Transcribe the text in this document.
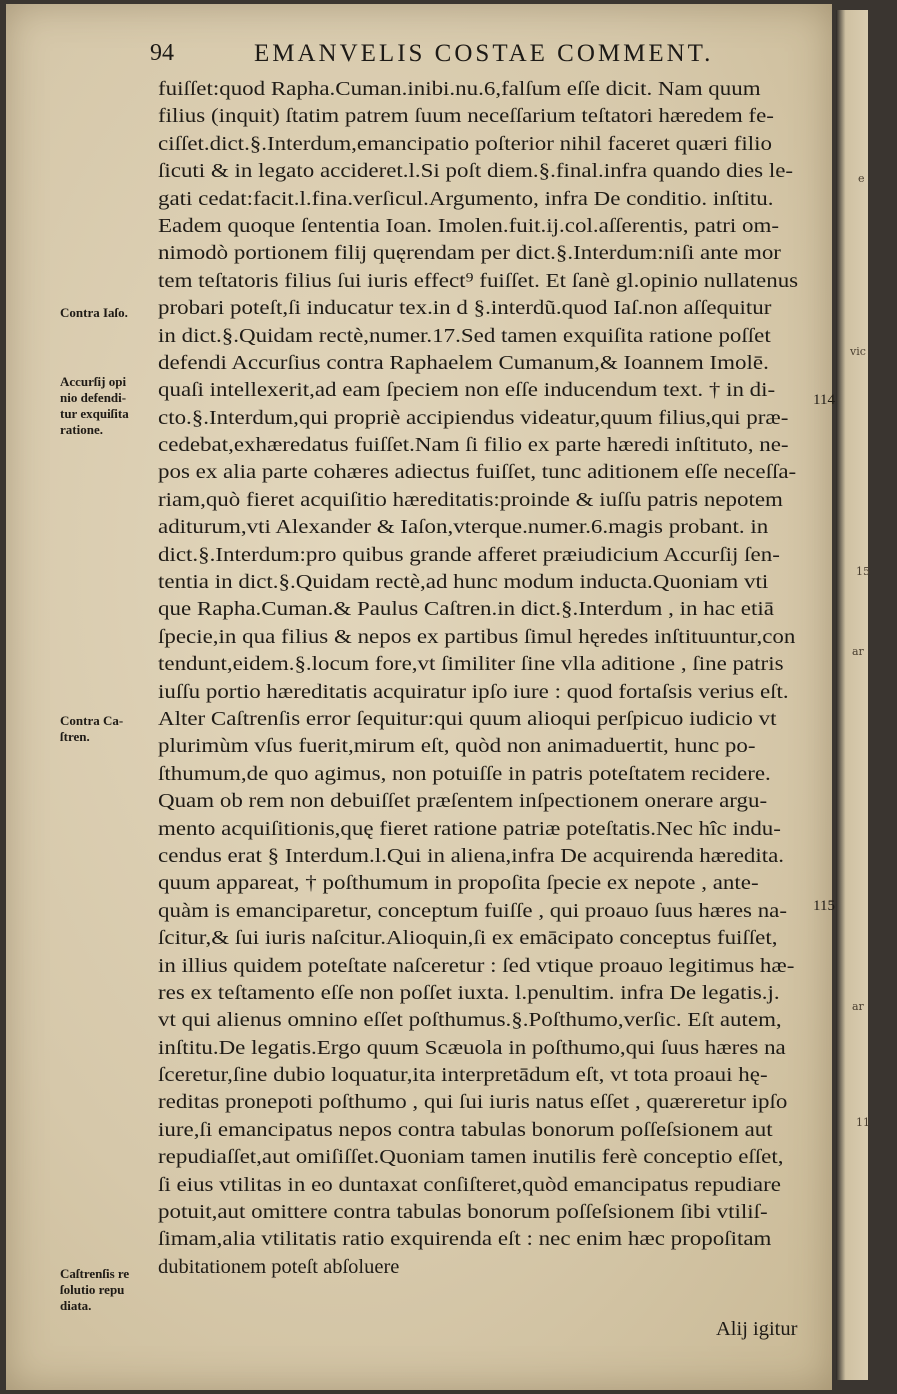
e
vic
15
ar
ar
11
94	EMANVELIS COSTAE COMMENT.
fuiſſet:quod Rapha.Cuman.inibi.nu.6,falſum eſſe dicit. Nam quum
filius (inquit) ſtatim patrem ſuum neceſſarium teſtatori hæredem fe-
ciſſet.dict.§.Interdum,emancipatio poſterior nihil faceret quæri filio
ſicuti & in legato accideret.l.Si poſt diem.§.final.infra quando dies le-
gati cedat:facit.l.fina.verſicul.Argumento, infra De conditio. inſtitu.
Eadem quoque ſententia Ioan. Imolen.fuit.ij.col.aſſerentis, patri om-
nimodò portionem filij quęrendam per dict.§.Interdum:niſi ante mor
tem teſtatoris filius ſui iuris effect⁹ fuiſſet. Et ſanè gl.opinio nullatenus
probari poteſt,ſi inducatur tex.in d §.interdũ.quod Iaſ.non aſſequitur
in dict.§.Quidam rectè,numer.17.Sed tamen exquiſita ratione poſſet
defendi Accurſius contra Raphaelem Cumanum,& Ioannem Imolē.
quaſi intellexerit,ad eam ſpeciem non eſſe inducendum text. † in di-
cto.§.Interdum,qui propriè accipiendus videatur,quum filius,qui præ-
cedebat,exhæredatus fuiſſet.Nam ſi filio ex parte hæredi inſtituto, ne-
pos ex alia parte cohæres adiectus fuiſſet, tunc aditionem eſſe neceſſa-
riam,quò fieret acquiſitio hæreditatis:proinde & iuſſu patris nepotem
aditurum,vti Alexander & Iaſon,vterque.numer.6.magis probant. in
dict.§.Interdum:pro quibus grande afferet præiudicium Accurſij ſen-
tentia in dict.§.Quidam rectè,ad hunc modum inducta.Quoniam vti
que Rapha.Cuman.& Paulus Caſtren.in dict.§.Interdum , in hac etiā
ſpecie,in qua filius & nepos ex partibus ſimul hęredes inſtituuntur,con
tendunt,eidem.§.locum fore,vt ſimiliter ſine vlla aditione , ſine patris
iuſſu portio hæreditatis acquiratur ipſo iure : quod fortaſsis verius eſt.
Alter Caſtrenſis error ſequitur:qui quum alioqui perſpicuo iudicio vt
plurimùm vſus fuerit,mirum eſt, quòd non animaduertit, hunc po-
ſthumum,de quo agimus, non potuiſſe in patris poteſtatem recidere.
Quam ob rem non debuiſſet præſentem inſpectionem onerare argu-
mento acquiſitionis,quę fieret ratione patriæ poteſtatis.Nec hîc indu-
cendus erat § Interdum.l.Qui in aliena,infra De acquirenda hæredita.
quum appareat, † poſthumum in propoſita ſpecie ex nepote , ante-
quàm is emanciparetur, conceptum fuiſſe , qui proauo ſuus hæres na-
ſcitur,& ſui iuris naſcitur.Alioquin,ſi ex emācipato conceptus fuiſſet,
in illius quidem poteſtate naſceretur : ſed vtique proauo legitimus hæ-
res ex teſtamento eſſe non poſſet iuxta. l.penultim. infra De legatis.j.
vt qui alienus omnino eſſet poſthumus.§.Poſthumo,verſic. Eſt autem,
inſtitu.De legatis.Ergo quum Scæuola in poſthumo,qui ſuus hæres na
ſceretur,ſine dubio loquatur,ita interpretādum eſt, vt tota proaui hę-
reditas pronepoti poſthumo , qui ſui iuris natus eſſet , quæreretur ipſo
iure,ſi emancipatus nepos contra tabulas bonorum poſſeſsionem aut
repudiaſſet,aut omiſiſſet.Quoniam tamen inutilis ferè conceptio eſſet,
ſi eius vtilitas in eo duntaxat conſiſteret,quòd emancipatus repudiare
potuit,aut omittere contra tabulas bonorum poſſeſsionem ſibi vtiliſ-
ſimam,alia vtilitatis ratio exquirenda eſt : nec enim hæc propoſitam
dubitationem poteſt abſoluere
Contra Iaſo.
Accurſij opi
nio defendi-
tur exquiſita
ratione.
Contra Ca-
ſtren.
Caſtrenſis re
ſolutio repu
diata.
114
115
Alij igitur
